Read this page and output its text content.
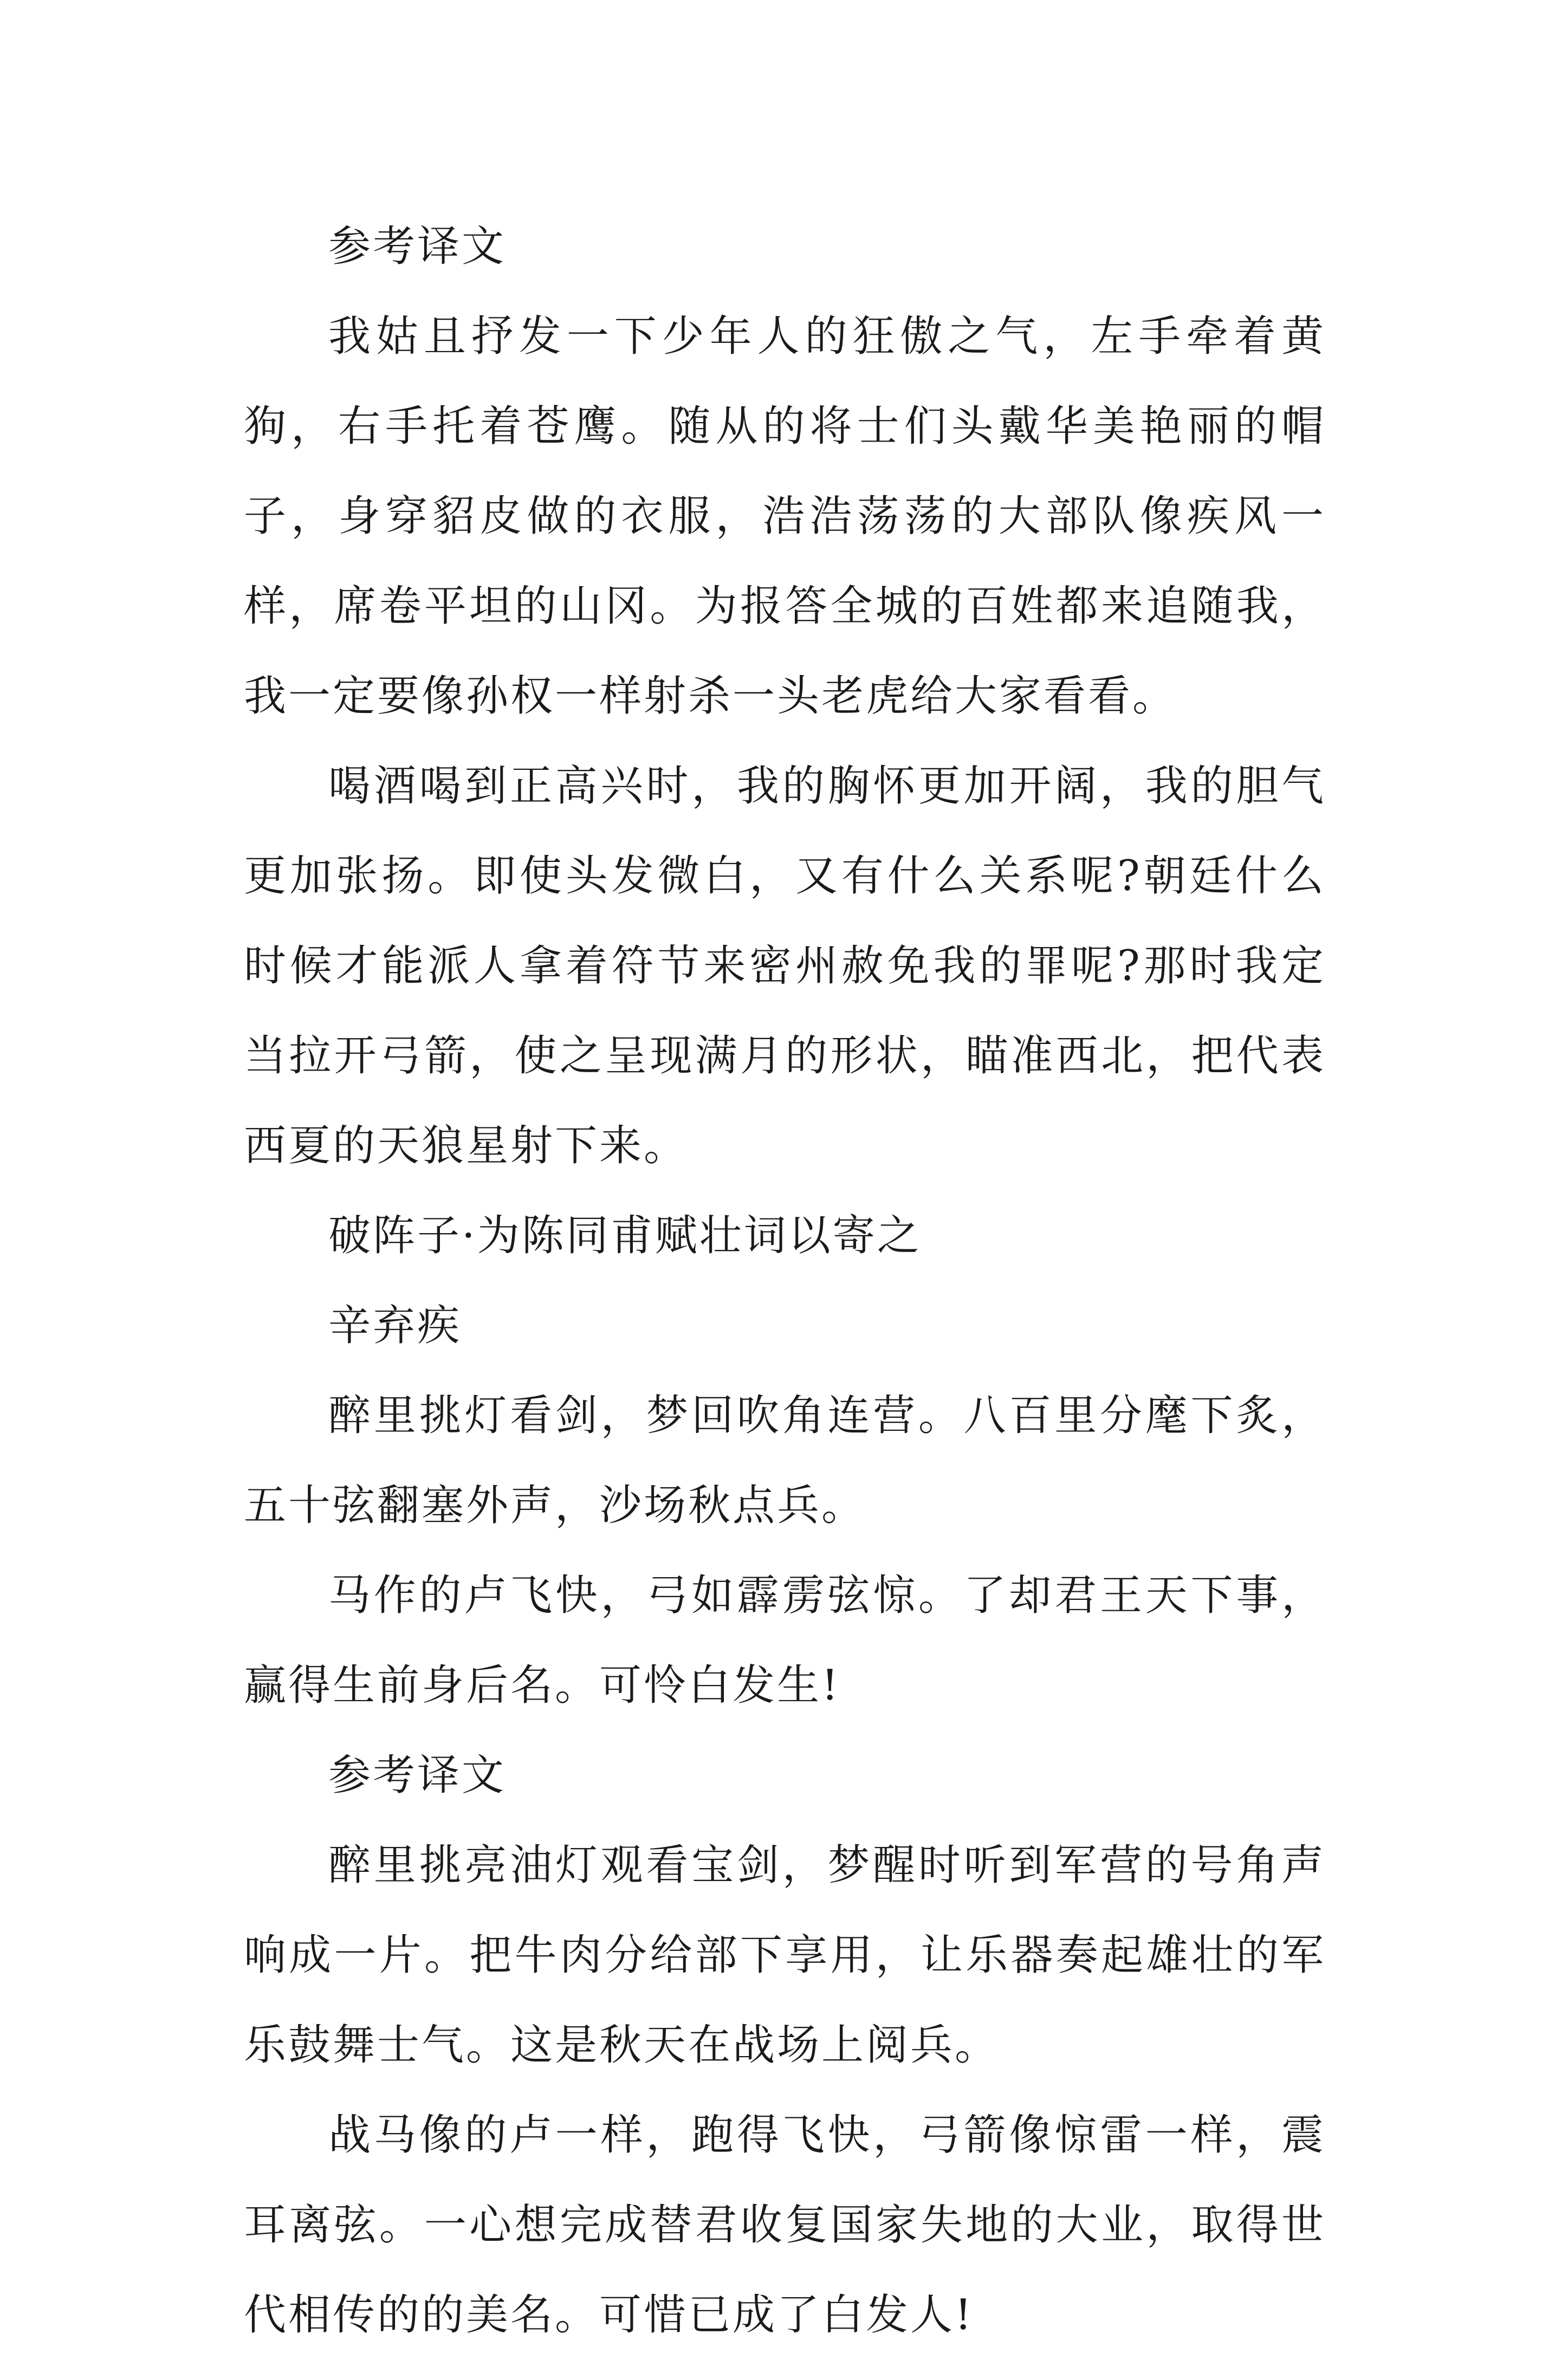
参考译文

我姑且抒发一下少年人的狂傲之气，左手牵着黄狗，右手托着苍鹰。随从的将士们头戴华美艳丽的帽子，身穿貂皮做的衣服，浩浩荡荡的大部队像疾风一样，席卷平坦的山冈。为报答全城的百姓都来追随我，我一定要像孙权一样射杀一头老虎给大家看看。

喝酒喝到正高兴时，我的胸怀更加开阔，我的胆气更加张扬。即使头发微白，又有什么关系呢?朝廷什么时候才能派人拿着符节来密州赦免我的罪呢?那时我定当拉开弓箭，使之呈现满月的形状，瞄准西北，把代表西夏的天狼星射下来。

破阵子·为陈同甫赋壮词以寄之

辛弃疾

醉里挑灯看剑，梦回吹角连营。八百里分麾下炙，五十弦翻塞外声，沙场秋点兵。

马作的卢飞快，弓如霹雳弦惊。了却君王天下事，赢得生前身后名。可怜白发生!

参考译文

醉里挑亮油灯观看宝剑，梦醒时听到军营的号角声响成一片。把牛肉分给部下享用，让乐器奏起雄壮的军乐鼓舞士气。这是秋天在战场上阅兵。

战马像的卢一样，跑得飞快，弓箭像惊雷一样，震耳离弦。一心想完成替君收复国家失地的大业，取得世代相传的的美名。可惜已成了白发人!
